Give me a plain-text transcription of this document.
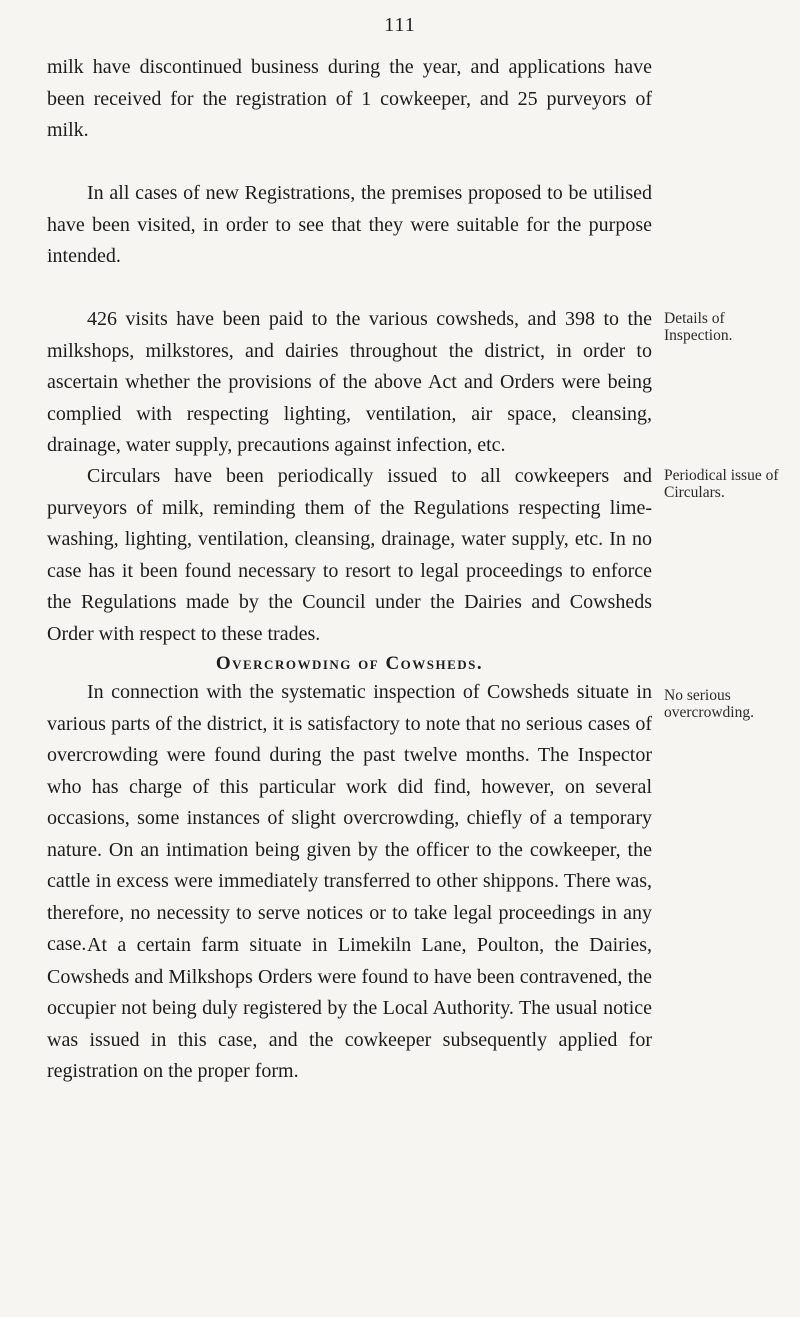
111

milk have discontinued business during the year, and applications have been received for the registration of 1 cowkeeper, and 25 purveyors of milk.

In all cases of new Registrations, the premises proposed to be utilised have been visited, in order to see that they were suitable for the purpose intended.

426 visits have been paid to the various cowsheds, and 398 to the milkshops, milkstores, and dairies throughout the district, in order to ascertain whether the provisions of the above Act and Orders were being complied with respecting lighting, ventilation, air space, cleansing, drainage, water supply, precautions against infection, etc.

Details of Inspection.

Circulars have been periodically issued to all cowkeepers and purveyors of milk, reminding them of the Regulations respecting lime-washing, lighting, ventilation, cleansing, drainage, water supply, etc. In no case has it been found necessary to resort to legal proceedings to enforce the Regulations made by the Council under the Dairies and Cowsheds Order with respect to these trades.

Periodical issue of Circulars.
Overcrowding of Cowsheds.

In connection with the systematic inspection of Cowsheds situate in various parts of the district, it is satisfactory to note that no serious cases of overcrowding were found during the past twelve months. The Inspector who has charge of this particular work did find, however, on several occasions, some instances of slight overcrowding, chiefly of a temporary nature. On an intimation being given by the officer to the cowkeeper, the cattle in excess were immediately transferred to other shippons. There was, therefore, no necessity to serve notices or to take legal proceedings in any case.

No serious overcrowding.

At a certain farm situate in Limekiln Lane, Poulton, the Dairies, Cowsheds and Milkshops Orders were found to have been contravened, the occupier not being duly registered by the Local Authority. The usual notice was issued in this case, and the cowkeeper subsequently applied for registration on the proper form.
